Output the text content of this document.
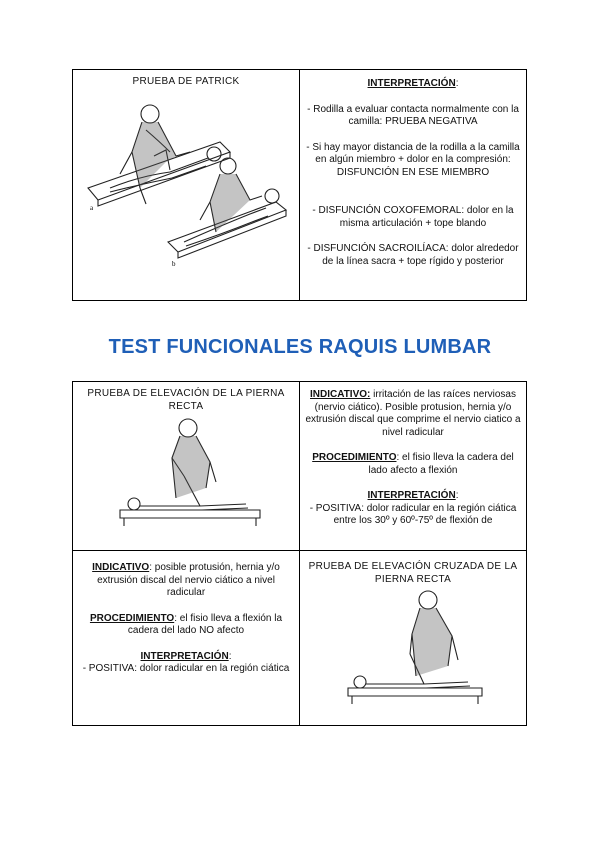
PRUEBA DE PATRICK

a
b

INTERPRETACIÓN:

- Rodilla a evaluar contacta normalmente con la camilla: PRUEBA NEGATIVA

- Si hay mayor distancia de la rodilla a la camilla en algún miembro + dolor en la compresión: DISFUNCIÓN EN ESE MIEMBRO

- DISFUNCIÓN COXOFEMORAL: dolor en la misma articulación + tope blando

- DISFUNCIÓN SACROILÍACA: dolor alrededor de la línea sacra + tope rígido y posterior

TEST FUNCIONALES RAQUIS LUMBAR

PRUEBA DE ELEVACIÓN DE LA PIERNA RECTA

INDICATIVO: irritación de las raíces nerviosas (nervio ciático). Posible protusion, hernia y/o extrusión discal que comprime el nervio ciatico a nivel radicular

PROCEDIMIENTO: el fisio lleva la cadera del lado afecto a flexión

INTERPRETACIÓN:

- POSITIVA: dolor radicular en la región ciática entre los 30º y 60º-75º de flexión de

INDICATIVO: posible protusión, hernia y/o extrusión discal del nervio ciático a nivel radicular

PROCEDIMIENTO: el fisio lleva a flexión la cadera del lado NO afecto

INTERPRETACIÓN:

- POSITIVA: dolor radicular en la región ciática

PRUEBA DE ELEVACIÓN CRUZADA DE LA PIERNA RECTA
